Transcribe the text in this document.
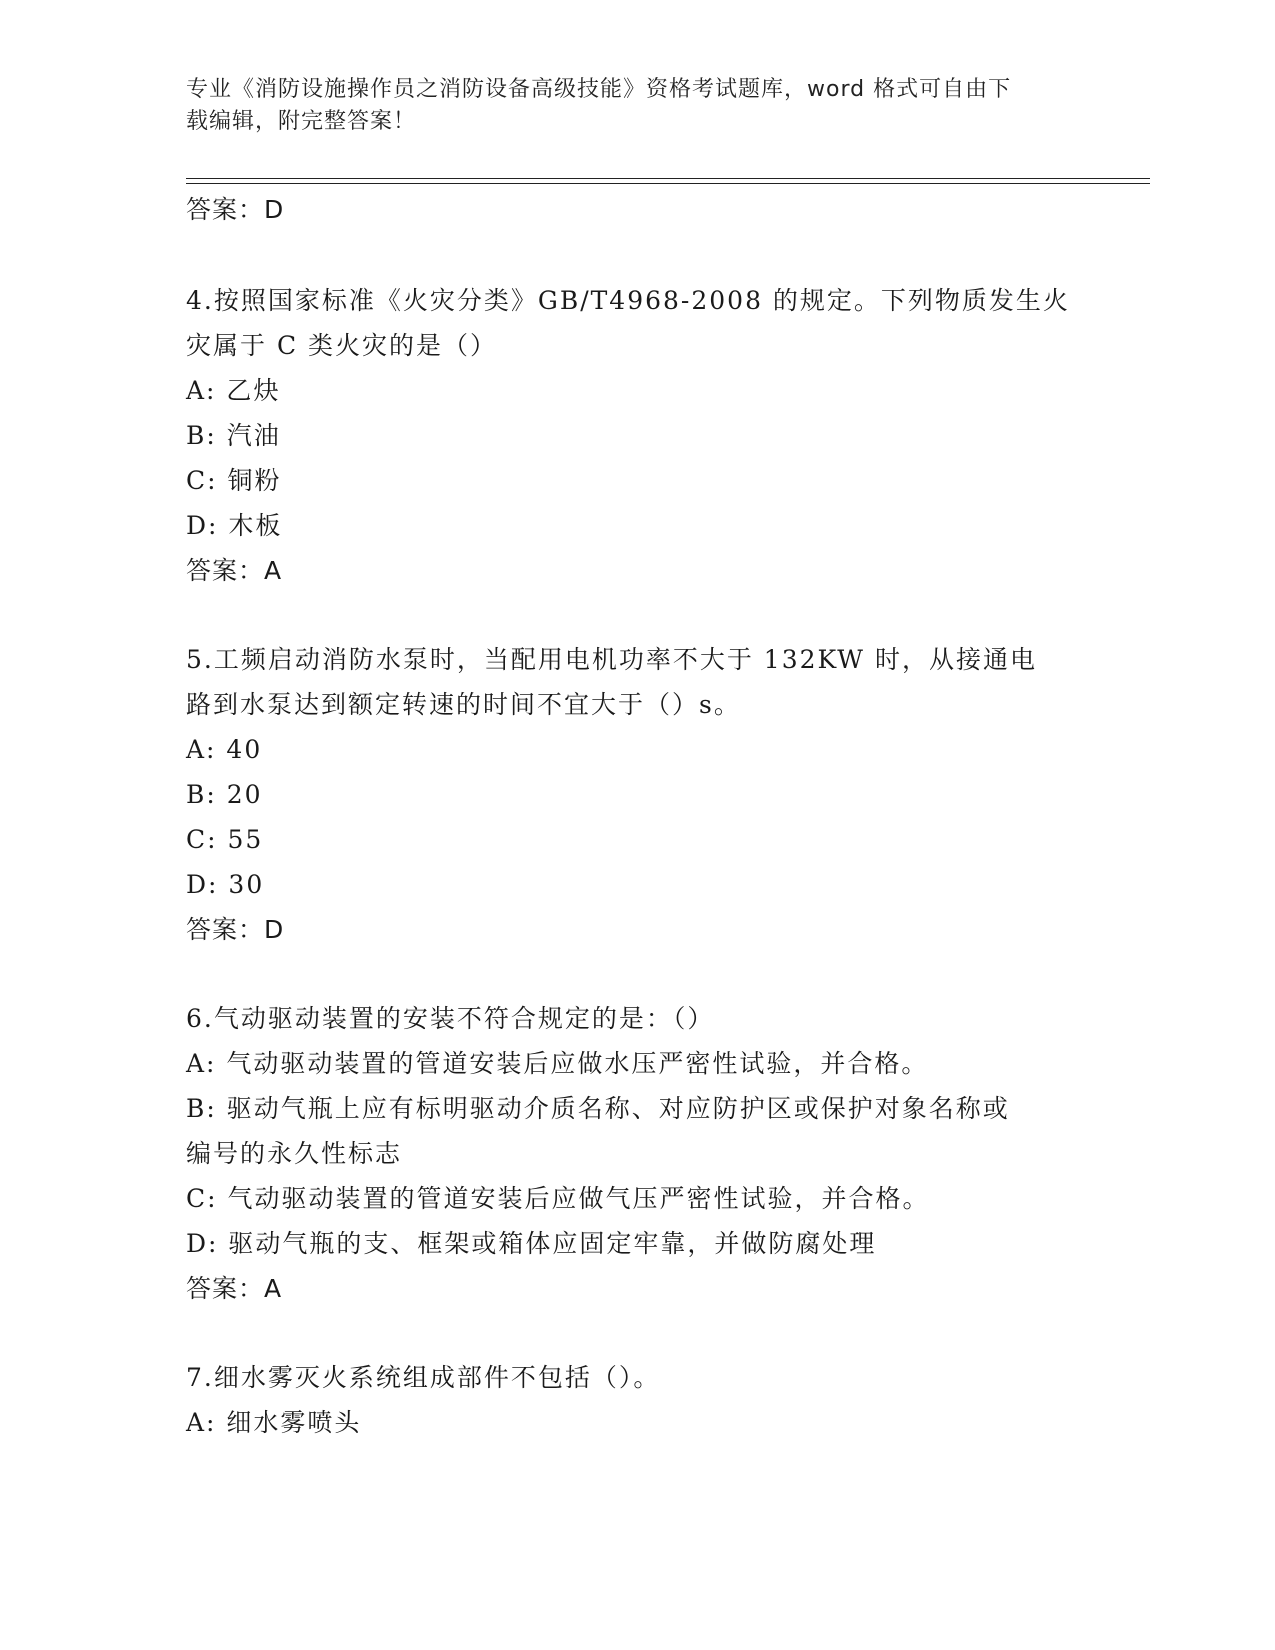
专业《消防设施操作员之消防设备高级技能》资格考试题库，word 格式可自由下
载编辑，附完整答案！
答案：D
4.按照国家标准《火灾分类》GB/T4968-2008 的规定。下列物质发生火
灾属于 C 类火灾的是（）
A: 乙炔
B: 汽油
C: 铜粉
D: 木板
答案：A
5.工频启动消防水泵时，当配用电机功率不大于 132KW 时，从接通电
路到水泵达到额定转速的时间不宜大于（）s。
A: 40
B: 20
C: 55
D: 30
答案：D
6.气动驱动装置的安装不符合规定的是：（）
A: 气动驱动装置的管道安装后应做水压严密性试验，并合格。
B: 驱动气瓶上应有标明驱动介质名称、对应防护区或保护对象名称或
编号的永久性标志
C: 气动驱动装置的管道安装后应做气压严密性试验，并合格。
D: 驱动气瓶的支、框架或箱体应固定牢靠，并做防腐处理
答案：A
7.细水雾灭火系统组成部件不包括（）。
A: 细水雾喷头
